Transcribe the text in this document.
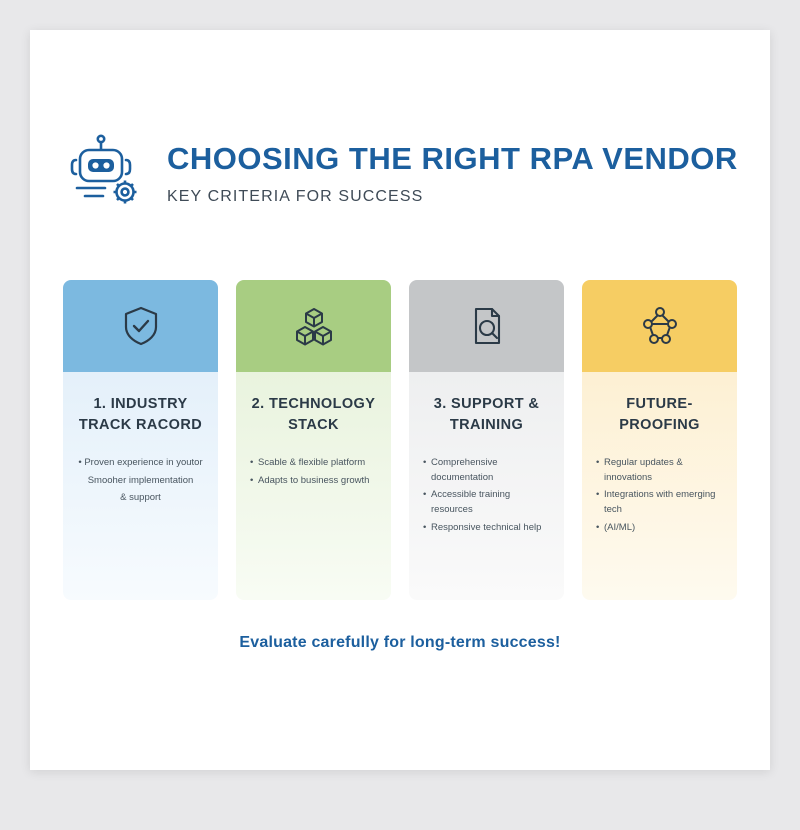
CHOOSING THE RIGHT RPA VENDOR

KEY CRITERIA FOR SUCCESS

1. INDUSTRY TRACK RACORD
• Proven experience in youtor
Smooher implementation
& support
2. TECHNOLOGY STACK
• Scable & flexible platform
• Adapts to business growth
3. SUPPORT & TRAINING
• Comprehensive documentation
• Accessible training resources
• Responsive technical help
FUTURE-PROOFING
• Regular updates & innovations
• Integrations with emerging tech
• (AI/ML)
Evaluate carefully for long-term success!
